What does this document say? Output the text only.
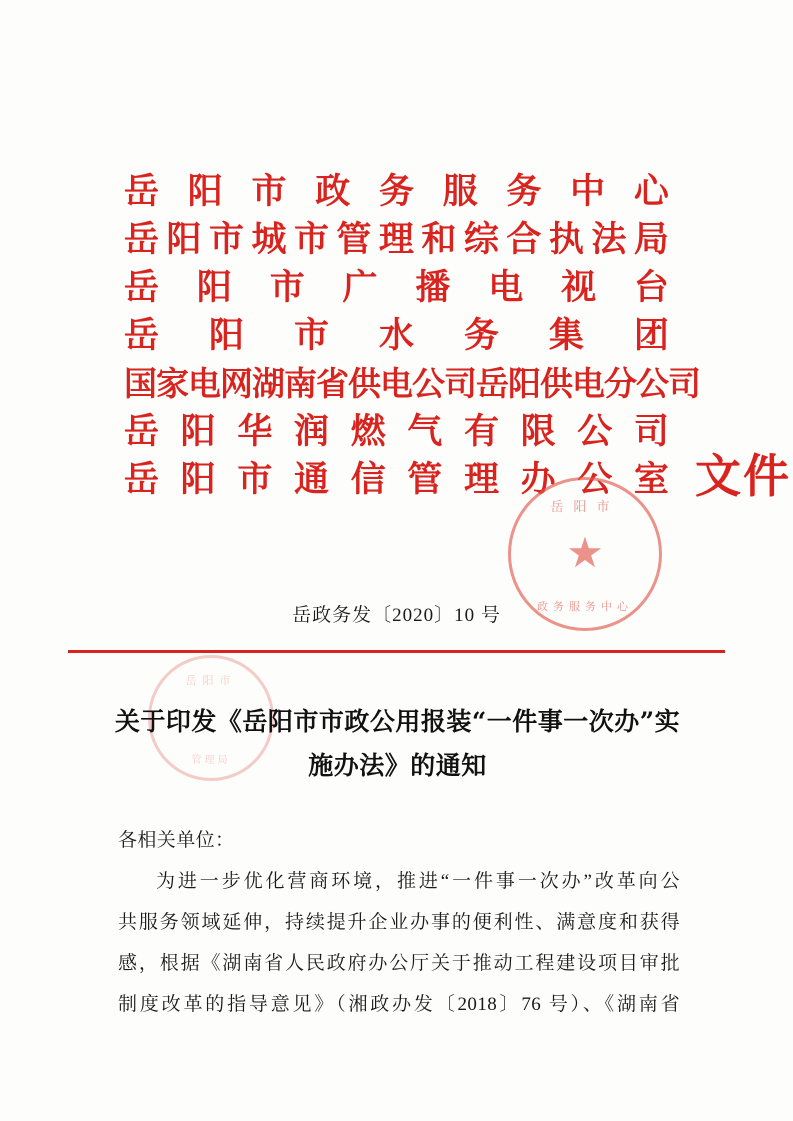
岳 阳 市 政 务 服 务 中 心
岳 阳 市 城 市 管 理 和 综 合 执 法 局
岳 阳 市 广 播 电 视 台
岳 阳 市 水 务 集 团
文件
国家电网湖南省供电公司岳阳供电分公司
岳 阳 华 润 燃 气 有 限 公 司
岳 阳 市 通 信 管 理 办 公 室
岳阳市
★
政务服务中心
岳政务发〔2020〕10 号
岳阳市
管理局
关于印发《岳阳市市政公用报装“一件事一次办”实施办法》的通知

各相关单位：

为进一步优化营商环境，推进“一件事一次办”改革向公

共服务领域延伸，持续提升企业办事的便利性、满意度和获得

感，根据《湖南省人民政府办公厅关于推动工程建设项目审批

制度改革的指导意见》（湘政办发〔2018〕76 号）、《湖南省
